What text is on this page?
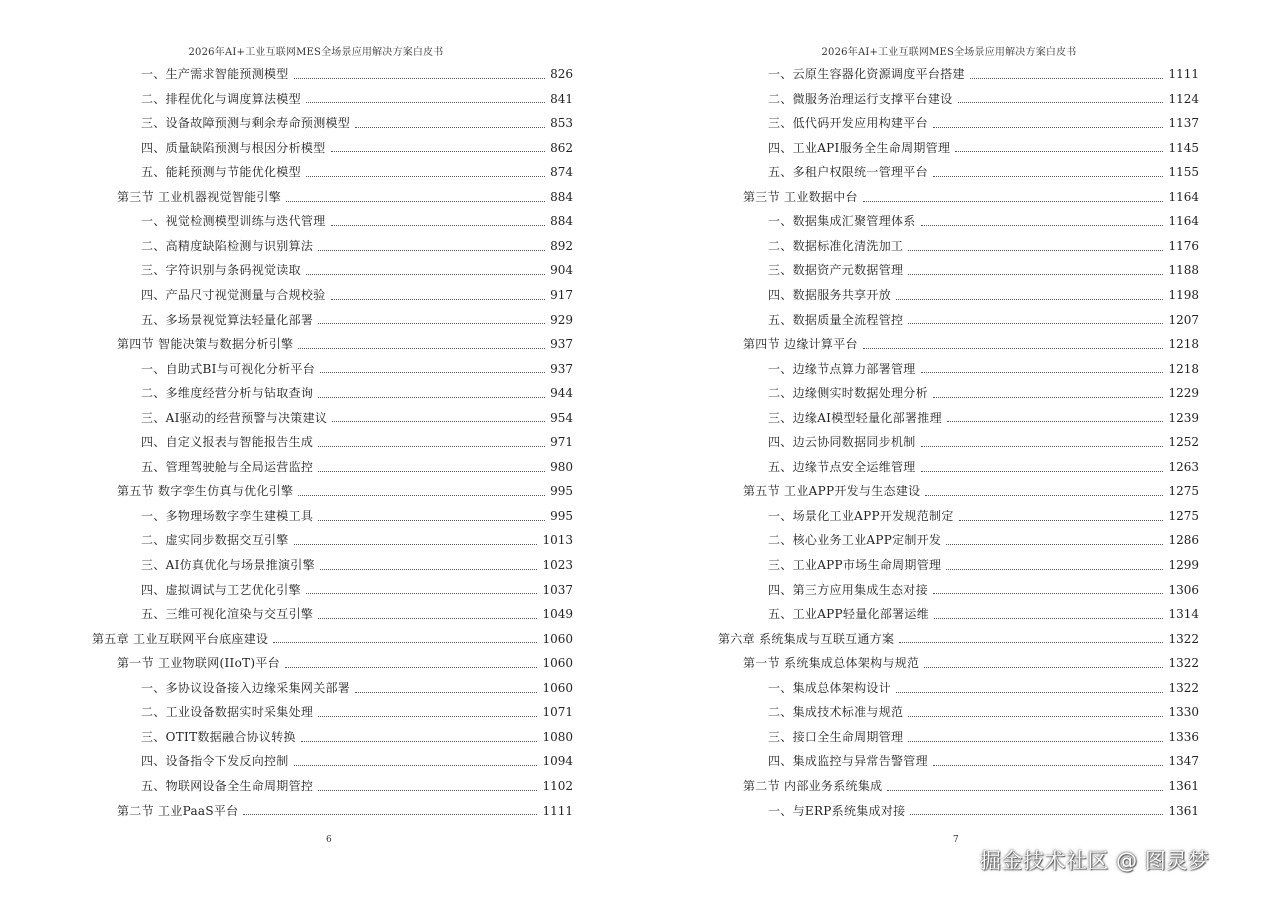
2026年AI+工业互联网MES全场景应用解决方案白皮书
一、生产需求智能预测模型	826
二、排程优化与调度算法模型	841
三、设备故障预测与剩余寿命预测模型	853
四、质量缺陷预测与根因分析模型	862
五、能耗预测与节能优化模型	874
第三节 工业机器视觉智能引擎	884
一、视觉检测模型训练与迭代管理	884
二、高精度缺陷检测与识别算法	892
三、字符识别与条码视觉读取	904
四、产品尺寸视觉测量与合规校验	917
五、多场景视觉算法轻量化部署	929
第四节 智能决策与数据分析引擎	937
一、自助式BI与可视化分析平台	937
二、多维度经营分析与钻取查询	944
三、AI驱动的经营预警与决策建议	954
四、自定义报表与智能报告生成	971
五、管理驾驶舱与全局运营监控	980
第五节 数字孪生仿真与优化引擎	995
一、多物理场数字孪生建模工具	995
二、虚实同步数据交互引擎	1013
三、AI仿真优化与场景推演引擎	1023
四、虚拟调试与工艺优化引擎	1037
五、三维可视化渲染与交互引擎	1049
第五章 工业互联网平台底座建设	1060
第一节 工业物联网(IIoT)平台	1060
一、多协议设备接入边缘采集网关部署	1060
二、工业设备数据实时采集处理	1071
三、OTIT数据融合协议转换	1080
四、设备指令下发反向控制	1094
五、物联网设备全生命周期管控	1102
第二节 工业PaaS平台	1111
6
2026年AI+工业互联网MES全场景应用解决方案白皮书
一、云原生容器化资源调度平台搭建	1111
二、微服务治理运行支撑平台建设	1124
三、低代码开发应用构建平台	1137
四、工业API服务全生命周期管理	1145
五、多租户权限统一管理平台	1155
第三节 工业数据中台	1164
一、数据集成汇聚管理体系	1164
二、数据标准化清洗加工	1176
三、数据资产元数据管理	1188
四、数据服务共享开放	1198
五、数据质量全流程管控	1207
第四节 边缘计算平台	1218
一、边缘节点算力部署管理	1218
二、边缘侧实时数据处理分析	1229
三、边缘AI模型轻量化部署推理	1239
四、边云协同数据同步机制	1252
五、边缘节点安全运维管理	1263
第五节 工业APP开发与生态建设	1275
一、场景化工业APP开发规范制定	1275
二、核心业务工业APP定制开发	1286
三、工业APP市场生命周期管理	1299
四、第三方应用集成生态对接	1306
五、工业APP轻量化部署运维	1314
第六章 系统集成与互联互通方案	1322
第一节 系统集成总体架构与规范	1322
一、集成总体架构设计	1322
二、集成技术标准与规范	1330
三、接口全生命周期管理	1336
四、集成监控与异常告警管理	1347
第二节 内部业务系统集成	1361
一、与ERP系统集成对接	1361
7
掘金技术社区 @ 图灵梦
